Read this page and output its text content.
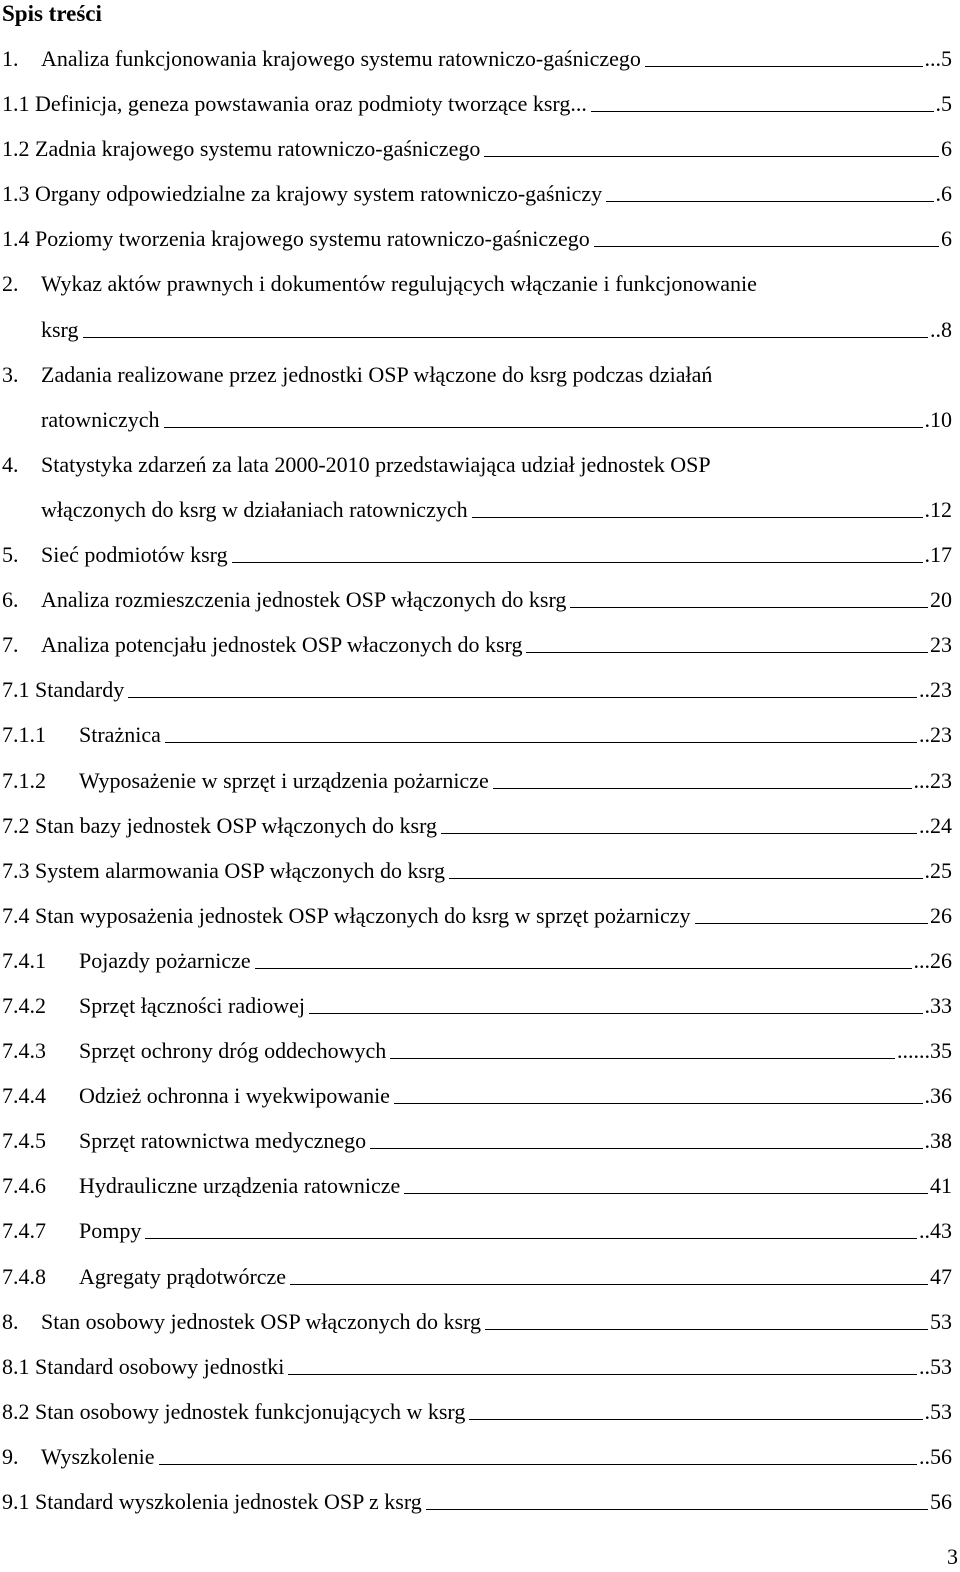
Spis treści
1. Analiza funkcjonowania krajowego systemu ratowniczo-gaśniczego	...5
1.1 Definicja, geneza powstawania oraz podmioty tworzące ksrg...	.5
1.2 Zadnia krajowego systemu ratowniczo-gaśniczego	6
1.3 Organy odpowiedzialne za krajowy system ratowniczo-gaśniczy	.6
1.4 Poziomy tworzenia krajowego systemu ratowniczo-gaśniczego	6
2. Wykaz aktów prawnych i dokumentów regulujących włączanie i funkcjonowanie
ksrg	..8
3. Zadania realizowane przez jednostki OSP włączone do ksrg podczas działań
ratowniczych	.10
4. Statystyka zdarzeń za lata 2000-2010 przedstawiająca udział jednostek OSP
włączonych do ksrg w działaniach ratowniczych	.12
5. Sieć podmiotów ksrg	.17
6. Analiza rozmieszczenia jednostek OSP włączonych do ksrg	20
7. Analiza potencjału jednostek OSP właczonych do ksrg	23
7.1 Standardy	..23
7.1.1 Strażnica	..23
7.1.2 Wyposażenie w sprzęt i urządzenia pożarnicze	...23
7.2 Stan bazy jednostek OSP włączonych do ksrg	..24
7.3 System alarmowania OSP włączonych do ksrg	.25
7.4 Stan wyposażenia jednostek OSP włączonych do ksrg w sprzęt pożarniczy	26
7.4.1 Pojazdy pożarnicze	...26
7.4.2 Sprzęt łączności radiowej	.33
7.4.3 Sprzęt ochrony dróg oddechowych	......35
7.4.4 Odzież ochronna i wyekwipowanie	.36
7.4.5 Sprzęt ratownictwa medycznego	.38
7.4.6 Hydrauliczne urządzenia ratownicze	41
7.4.7 Pompy	..43
7.4.8 Agregaty prądotwórcze	47
8. Stan osobowy jednostek OSP włączonych do ksrg	53
8.1 Standard osobowy jednostki	..53
8.2 Stan osobowy jednostek funkcjonujących w ksrg	.53
9. Wyszkolenie	..56
9.1 Standard wyszkolenia jednostek OSP z ksrg	56
3
